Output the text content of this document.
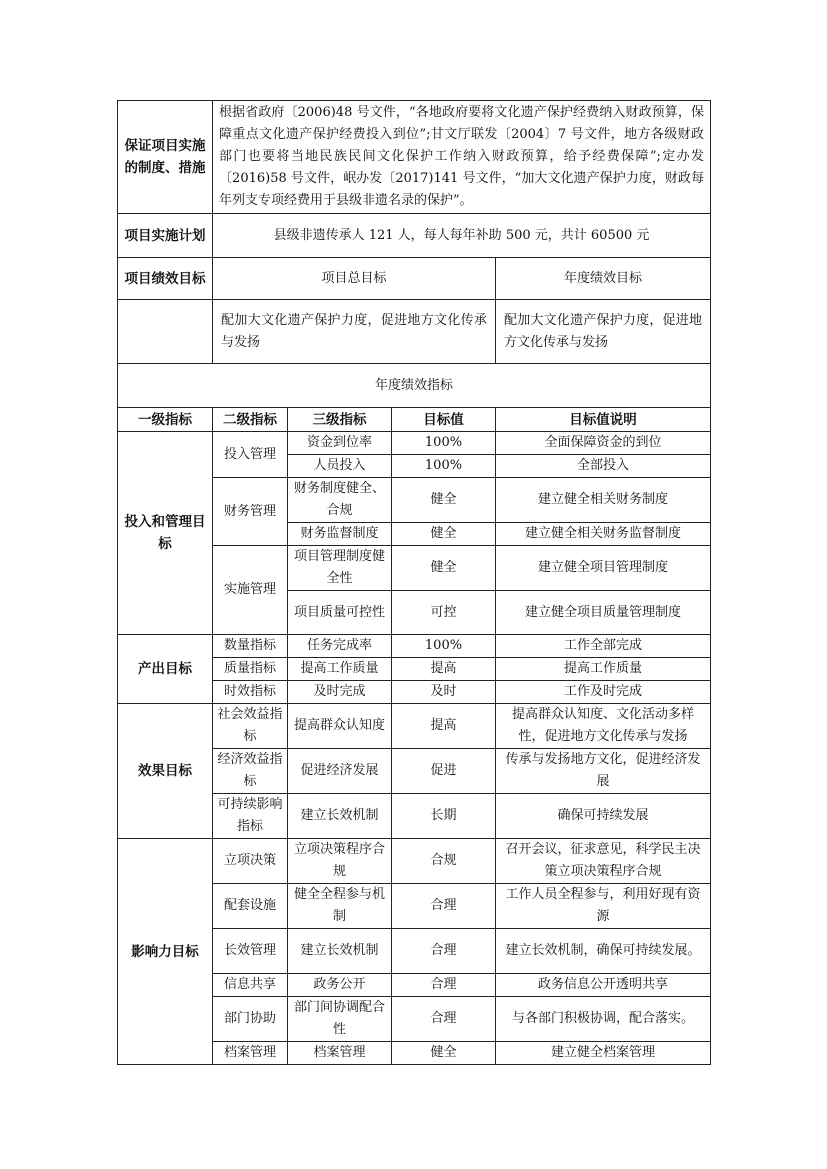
保证项目实施的制度、措施	根据省政府〔2006)48 号文件，“各地政府要将文化遗产保护经费纳入财政预算，保障重点文化遗产保护经费投入到位”;甘文厅联发〔2004〕7 号文件，地方各级财政部门也要将当地民族民间文化保护工作纳入财政预算，给予经费保障”;定办发〔2016)58 号文件，岷办发〔2017)141 号文件，“加大文化遗产保护力度，财政每年列支专项经费用于县级非遗名录的保护”。			
项目实施计划	县级非遗传承人 121 人，每人每年补助 500 元，共计 60500 元			
项目绩效目标	项目总目标			年度绩效目标
	配加大文化遗产保护力度，促进地方文化传承与发扬			配加大文化遗产保护力度，促进地方文化传承与发扬
年度绩效指标				
一级指标	二级指标	三级指标	目标值	目标值说明
投入和管理目标	投入管理	资金到位率	100%	全面保障资金的到位
		人员投入	100%	全部投入
	财务管理	财务制度健全、合规	健全	建立健全相关财务制度
		财务监督制度	健全	建立健全相关财务监督制度
	实施管理	项目管理制度健全性	健全	建立健全项目管理制度
		项目质量可控性	可控	建立健全项目质量管理制度
产出目标	数量指标	任务完成率	100%	工作全部完成
	质量指标	提高工作质量	提高	提高工作质量
	时效指标	及时完成	及时	工作及时完成
效果目标	社会效益指标	提高群众认知度	提高	提高群众认知度、文化活动多样性，促进地方文化传承与发扬
	经济效益指标	促进经济发展	促进	传承与发扬地方文化，促进经济发展
	可持续影响指标	建立长效机制	长期	确保可持续发展
影响力目标	立项决策	立项决策程序合规	合规	召开会议，征求意见，科学民主决策立项决策程序合规
	配套设施	健全全程参与机制	合理	工作人员全程参与，利用好现有资源
	长效管理	建立长效机制	合理	建立长效机制，确保可持续发展。
	信息共享	政务公开	合理	政务信息公开透明共享
	部门协助	部门间协调配合性	合理	与各部门积极协调，配合落实。
	档案管理	档案管理	健全	建立健全档案管理
